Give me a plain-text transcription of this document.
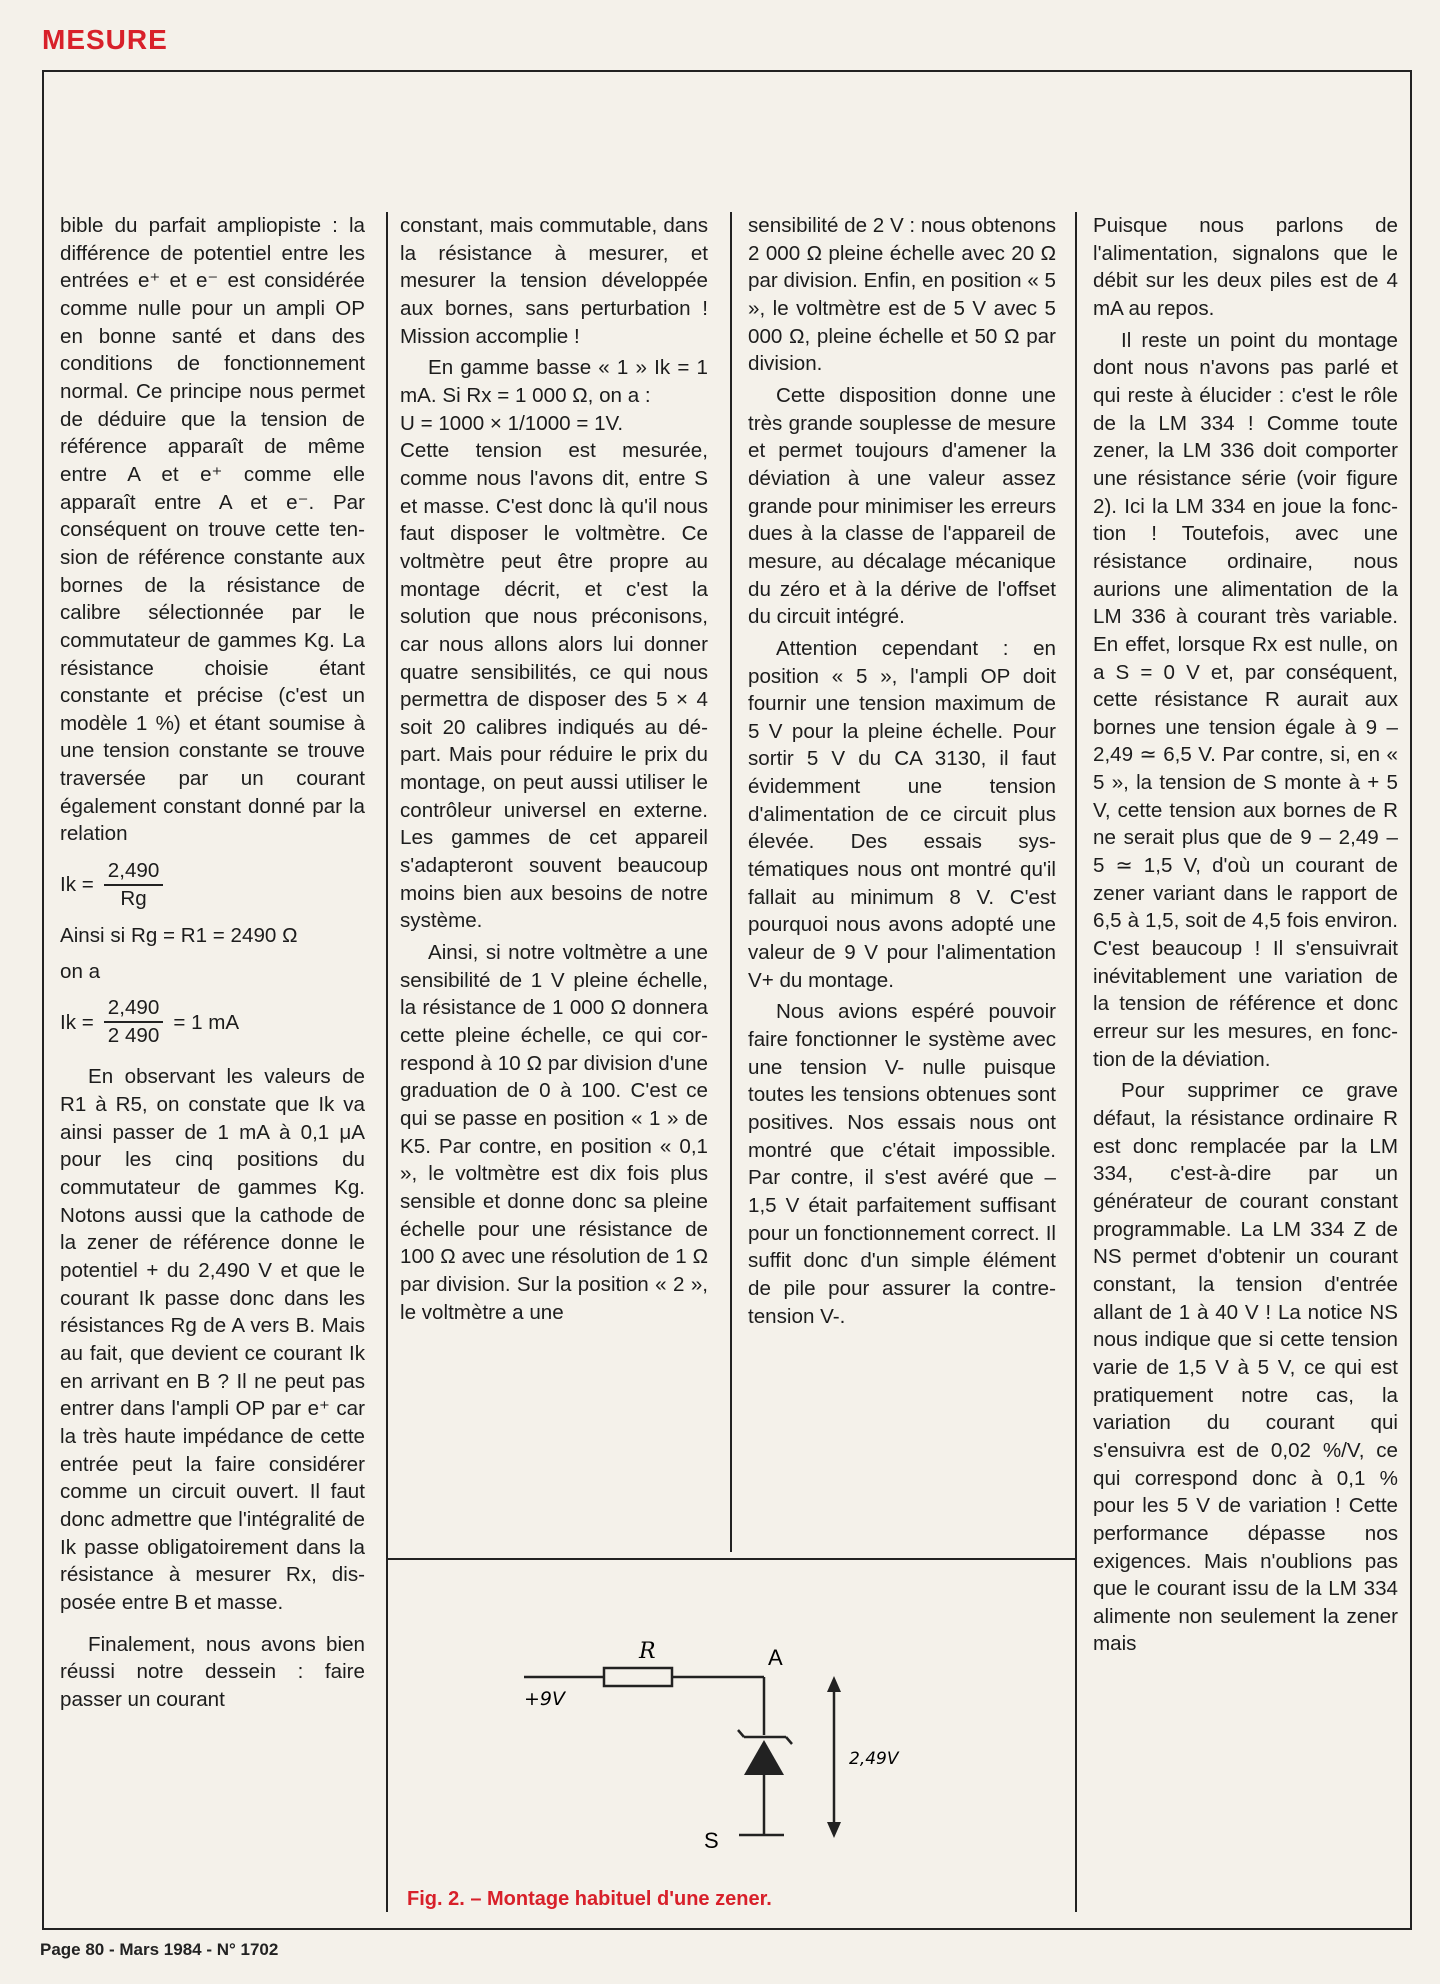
MESURE

bible du parfait ampliopiste : la différence de potentiel entre les entrées e⁺ et e⁻ est considérée comme nulle pour un ampli OP en bonne santé et dans des conditions de fonctionnement normal. Ce principe nous permet de déduire que la tension de référence apparaît de même entre A et e⁺ comme elle apparaît entre A et e⁻. Par conséquent on trouve cette tension de référence constante aux bornes de la résistance de calibre sélectionnée par le commutateur de gammes Kg. La résistance choisie étant constante et précise (c'est un modèle 1 %) et étant soumise à une tension constante se trouve traversée par un courant également constant donné par la relation

$Ik = \frac{2,490}{Rg}$

Ainsi si Rg = R1 = 2490 Ω

on a

$Ik = \frac{2,490}{2 490} = 1$ mA

En observant les valeurs de R1 à R5, on constate que Ik va ainsi passer de 1 mA à 0,1 μA pour les cinq positions du commutateur de gammes Kg. Notons aussi que la cathode de la zener de référence donne le potentiel + du 2,490 V et que le courant Ik passe donc dans les résistances Rg de A vers B. Mais au fait, que devient ce courant Ik en arrivant en B ? Il ne peut pas entrer dans l'ampli OP par e⁺ car la très haute impédance de cette entrée peut la faire considérer comme un circuit ouvert. Il faut donc admettre que l'intégralité de Ik passe obligatoirement dans la résistance à mesurer Rx, disposée entre B et masse.

Finalement, nous avons bien réussi notre dessein : faire passer un courant

constant, mais commutable, dans la résistance à mesurer, et mesurer la tension développée aux bornes, sans perturbation ! Mission accomplie !

En gamme basse « 1 » Ik = 1 mA. Si Rx = 1 000 Ω, on a :

U = 1000 × 1/1000 = 1V.

Cette tension est mesurée, comme nous l'avons dit, entre S et masse. C'est donc là qu'il nous faut disposer le voltmètre. Ce voltmètre peut être propre au montage décrit, et c'est la solution que nous préconisons, car nous allons alors lui donner quatre sensibilités, ce qui nous permettra de disposer des 5 × 4 soit 20 calibres indiqués au départ. Mais pour réduire le prix du montage, on peut aussi utiliser le contrôleur universel en externe. Les gammes de cet appareil s'adapteront souvent beaucoup moins bien aux besoins de notre système.

Ainsi, si notre voltmètre a une sensibilité de 1 V pleine échelle, la résistance de 1 000 Ω donnera cette pleine échelle, ce qui correspond à 10 Ω par division d'une graduation de 0 à 100. C'est ce qui se passe en position « 1 » de K5. Par contre, en position « 0,1 », le voltmètre est dix fois plus sensible et donne donc sa pleine échelle pour une résistance de 100 Ω avec une résolution de 1 Ω par division. Sur la position « 2 », le voltmètre a une

sensibilité de 2 V : nous obtenons 2 000 Ω pleine échelle avec 20 Ω par division. Enfin, en position « 5 », le voltmètre est de 5 V avec 5 000 Ω, pleine échelle et 50 Ω par division.

Cette disposition donne une très grande souplesse de mesure et permet toujours d'amener la déviation à une valeur assez grande pour minimiser les erreurs dues à la classe de l'appareil de mesure, au décalage mécanique du zéro et à la dérive de l'offset du circuit intégré.

Attention cependant : en position « 5 », l'ampli OP doit fournir une tension maximum de 5 V pour la pleine échelle. Pour sortir 5 V du CA 3130, il faut évidemment une tension d'alimentation de ce circuit plus élevée. Des essais systématiques nous ont montré qu'il fallait au minimum 8 V. C'est pourquoi nous avons adopté une valeur de 9 V pour l'alimentation V+ du montage.

Nous avions espéré pouvoir faire fonctionner le système avec une tension V- nulle puisque toutes les tensions obtenues sont positives. Nos essais nous ont montré que c'était impossible. Par contre, il s'est avéré que – 1,5 V était parfaitement suffisant pour un fonctionnement correct. Il suffit donc d'un simple élément de pile pour assurer la contre-tension V-.

Puisque nous parlons de l'alimentation, signalons que le débit sur les deux piles est de 4 mA au repos.

Il reste un point du montage dont nous n'avons pas parlé et qui reste à élucider : c'est le rôle de la LM 334 ! Comme toute zener, la LM 336 doit comporter une résistance série (voir figure 2). Ici la LM 334 en joue la fonction ! Toutefois, avec une résistance ordinaire, nous aurions une alimentation de la LM 336 à courant très variable. En effet, lorsque Rx est nulle, on a S = 0 V et, par conséquent, cette résistance R aurait aux bornes une tension égale à 9 – 2,49 ≃ 6,5 V. Par contre, si, en « 5 », la tension de S monte à + 5 V, cette tension aux bornes de R ne serait plus que de 9 – 2,49 – 5 ≃ 1,5 V, d'où un courant de zener variant dans le rapport de 6,5 à 1,5, soit de 4,5 fois environ. C'est beaucoup ! Il s'ensuivrait inévitablement une variation de la tension de référence et donc erreur sur les mesures, en fonction de la déviation.

Pour supprimer ce grave défaut, la résistance ordinaire R est donc remplacée par la LM 334, c'est-à-dire par un générateur de courant constant programmable. La LM 334 Z de NS permet d'obtenir un courant constant, la tension d'entrée allant de 1 à 40 V ! La notice NS nous indique que si cette tension varie de 1,5 V à 5 V, ce qui est pratiquement notre cas, la variation du courant qui s'ensuivra est de 0,02 %/V, ce qui correspond donc à 0,1 % pour les 5 V de variation ! Cette performance dépasse nos exigences. Mais n'oublions pas que le courant issu de la LM 334 alimente non seulement la zener mais

R	A
S
+9V
2,49V
Fig. 2. – Montage habituel d'une zener.
Page 80 - Mars 1984 - N° 1702
